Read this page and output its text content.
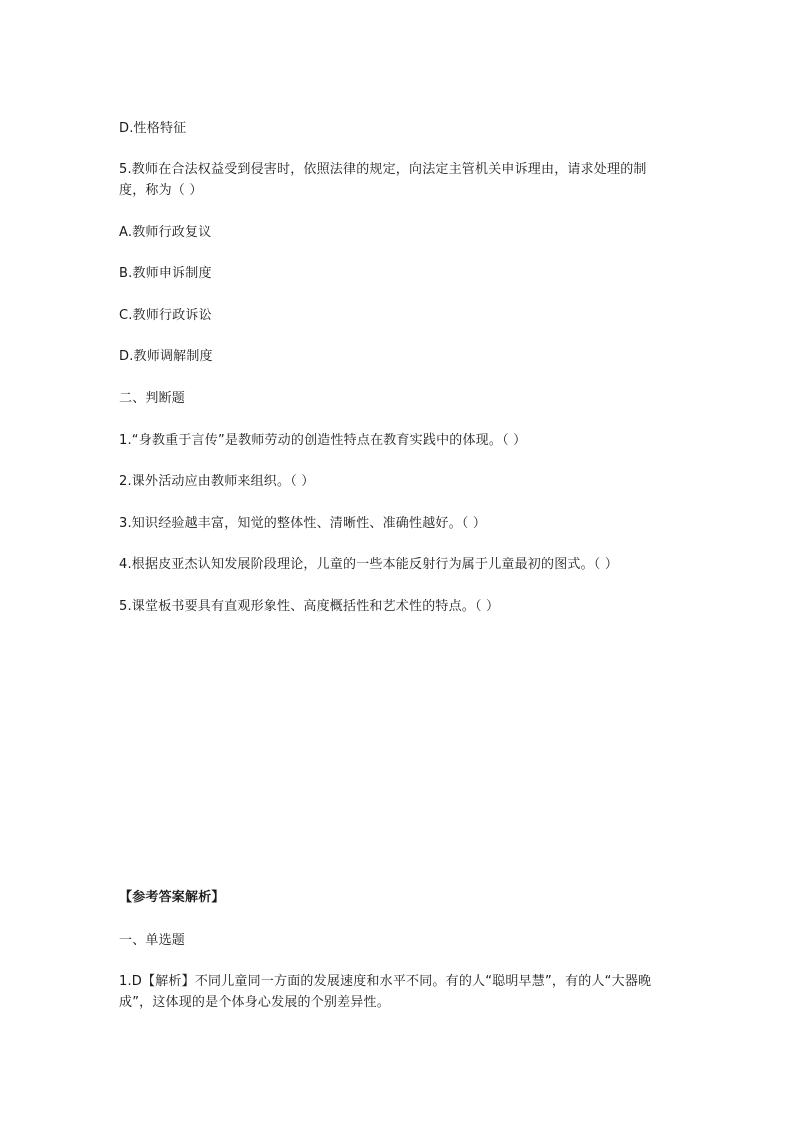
D.性格特征
5.教师在合法权益受到侵害时，依照法律的规定，向法定主管机关申诉理由，请求处理的制度，称为（ ）
A.教师行政复议
B.教师申诉制度
C.教师行政诉讼
D.教师调解制度
二、判断题
1.“身教重于言传”是教师劳动的创造性特点在教育实践中的体现。（ ）
2.课外活动应由教师来组织。（ ）
3.知识经验越丰富，知觉的整体性、清晰性、准确性越好。（ ）
4.根据皮亚杰认知发展阶段理论，儿童的一些本能反射行为属于儿童最初的图式。（ ）
5.课堂板书要具有直观形象性、高度概括性和艺术性的特点。（ ）
【参考答案解析】
一、单选题
1.D【解析】不同儿童同一方面的发展速度和水平不同。有的人“聪明早慧”，有的人“大器晚成”，这体现的是个体身心发展的个别差异性。
